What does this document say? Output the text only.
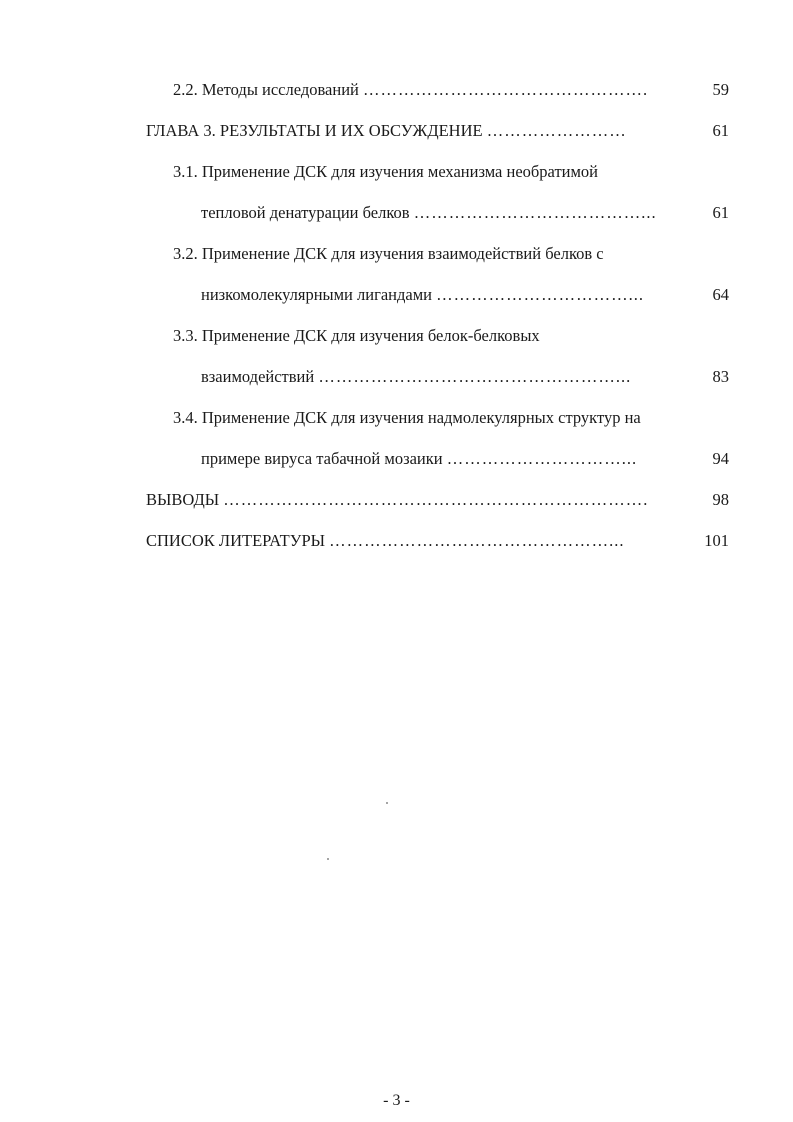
2.2. Методы исследований ………………………………………….	59
ГЛАВА 3. РЕЗУЛЬТАТЫ И ИХ ОБСУЖДЕНИЕ ……………………	61
3.1. Применение ДСК для изучения механизма необратимой
тепловой денатурации белков …………………………………...	61
3.2. Применение ДСК для изучения взаимодействий белков с
низкомолекулярными лигандами ……………………………...	64
3.3. Применение ДСК для изучения белок-белковых
взаимодействий ……………………………………………...	83
3.4. Применение ДСК для изучения надмолекулярных структур на
примере вируса табачной мозаики …………………………...	94
ВЫВОДЫ ……………………………………………………………….	98
СПИСОК ЛИТЕРАТУРЫ …………………………………………...	101
- 3 -
